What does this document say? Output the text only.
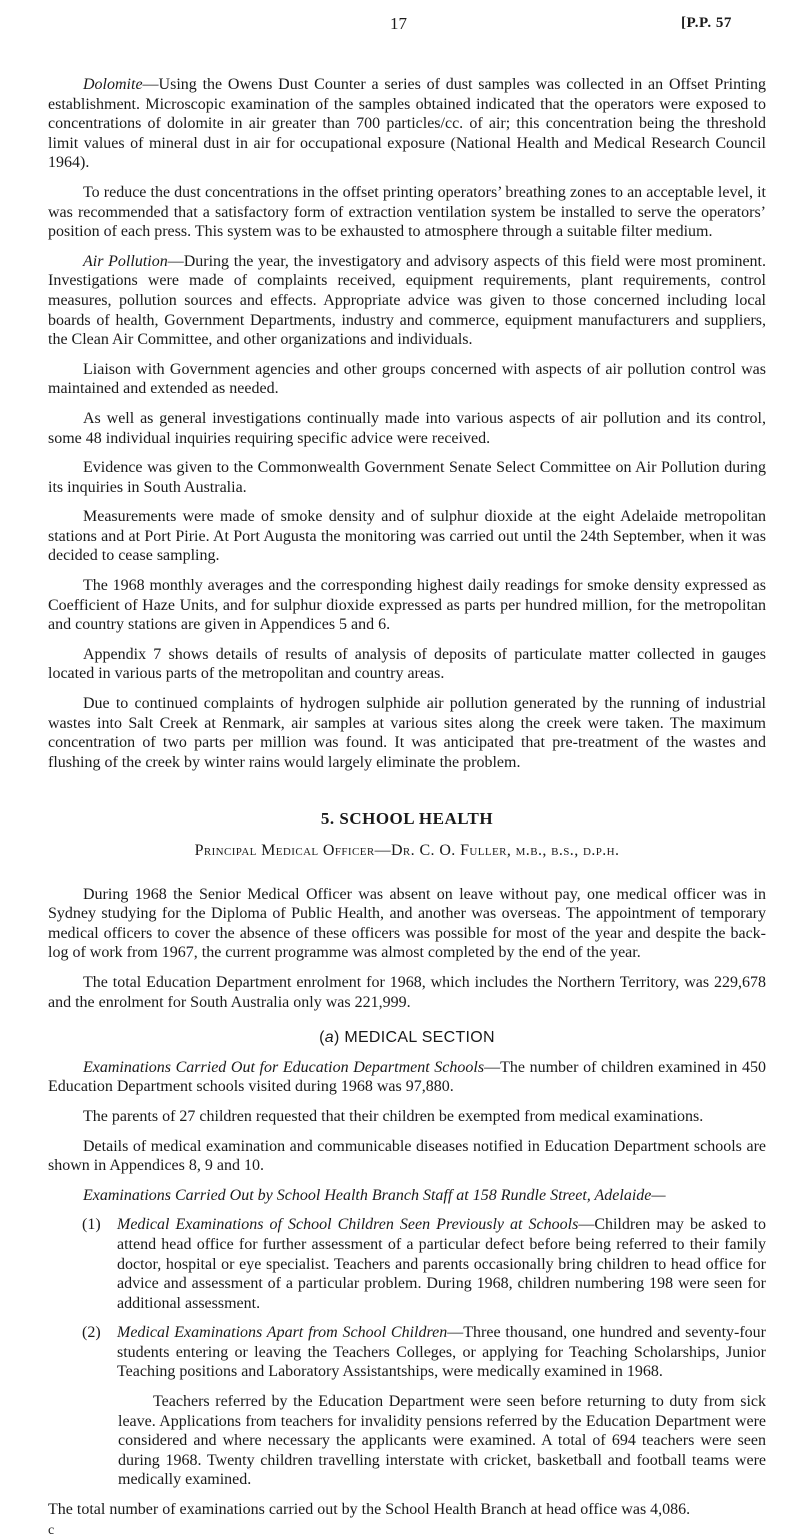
17	[P.P. 57

Dolomite—Using the Owens Dust Counter a series of dust samples was collected in an Offset Printing establishment. Microscopic examination of the samples obtained indicated that the operators were exposed to concentrations of dolomite in air greater than 700 particles/cc. of air; this concentration being the threshold limit values of mineral dust in air for occupational exposure (National Health and Medical Research Council 1964).

To reduce the dust concentrations in the offset printing operators’ breathing zones to an acceptable level, it was recommended that a satisfactory form of extraction ventilation system be installed to serve the operators’ position of each press. This system was to be exhausted to atmosphere through a suitable filter medium.

Air Pollution—During the year, the investigatory and advisory aspects of this field were most prominent. Investigations were made of complaints received, equipment requirements, plant requirements, control measures, pollution sources and effects. Appropriate advice was given to those concerned including local boards of health, Government Departments, industry and commerce, equipment manufacturers and suppliers, the Clean Air Committee, and other organizations and individuals.

Liaison with Government agencies and other groups concerned with aspects of air pollution control was maintained and extended as needed.

As well as general investigations continually made into various aspects of air pollution and its control, some 48 individual inquiries requiring specific advice were received.

Evidence was given to the Commonwealth Government Senate Select Committee on Air Pollution during its inquiries in South Australia.

Measurements were made of smoke density and of sulphur dioxide at the eight Adelaide metropolitan stations and at Port Pirie. At Port Augusta the monitoring was carried out until the 24th September, when it was decided to cease sampling.

The 1968 monthly averages and the corresponding highest daily readings for smoke density expressed as Coefficient of Haze Units, and for sulphur dioxide expressed as parts per hundred million, for the metropolitan and country stations are given in Appendices 5 and 6.

Appendix 7 shows details of results of analysis of deposits of particulate matter collected in gauges located in various parts of the metropolitan and country areas.

Due to continued complaints of hydrogen sulphide air pollution generated by the running of industrial wastes into Salt Creek at Renmark, air samples at various sites along the creek were taken. The maximum concentration of two parts per million was found. It was anticipated that pre-treatment of the wastes and flushing of the creek by winter rains would largely eliminate the problem.

5. SCHOOL HEALTH

Principal Medical Officer—Dr. C. O. Fuller, m.b., b.s., d.p.h.

During 1968 the Senior Medical Officer was absent on leave without pay, one medical officer was in Sydney studying for the Diploma of Public Health, and another was overseas. The appointment of temporary medical officers to cover the absence of these officers was possible for most of the year and despite the back-log of work from 1967, the current programme was almost completed by the end of the year.

The total Education Department enrolment for 1968, which includes the Northern Territory, was 229,678 and the enrolment for South Australia only was 221,999.

(a) MEDICAL SECTION

Examinations Carried Out for Education Department Schools—The number of children examined in 450 Education Department schools visited during 1968 was 97,880.

The parents of 27 children requested that their children be exempted from medical examinations.

Details of medical examination and communicable diseases notified in Education Department schools are shown in Appendices 8, 9 and 10.

Examinations Carried Out by School Health Branch Staff at 158 Rundle Street, Adelaide—

(1)	Medical Examinations of School Children Seen Previously at Schools—Children may be asked to attend head office for further assessment of a particular defect before being referred to their family doctor, hospital or eye specialist. Teachers and parents occasionally bring children to head office for advice and assessment of a particular problem. During 1968, children numbering 198 were seen for additional assessment.
(2)	Medical Examinations Apart from School Children—Three thousand, one hundred and seventy-four students entering or leaving the Teachers Colleges, or applying for Teaching Scholarships, Junior Teaching positions and Laboratory Assistantships, were medically examined in 1968.

Teachers referred by the Education Department were seen before returning to duty from sick leave. Applications from teachers for invalidity pensions referred by the Education Department were considered and where necessary the applicants were examined. A total of 694 teachers were seen during 1968. Twenty children travelling interstate with cricket, basketball and football teams were medically examined.

The total number of examinations carried out by the School Health Branch at head office was 4,086.

c
